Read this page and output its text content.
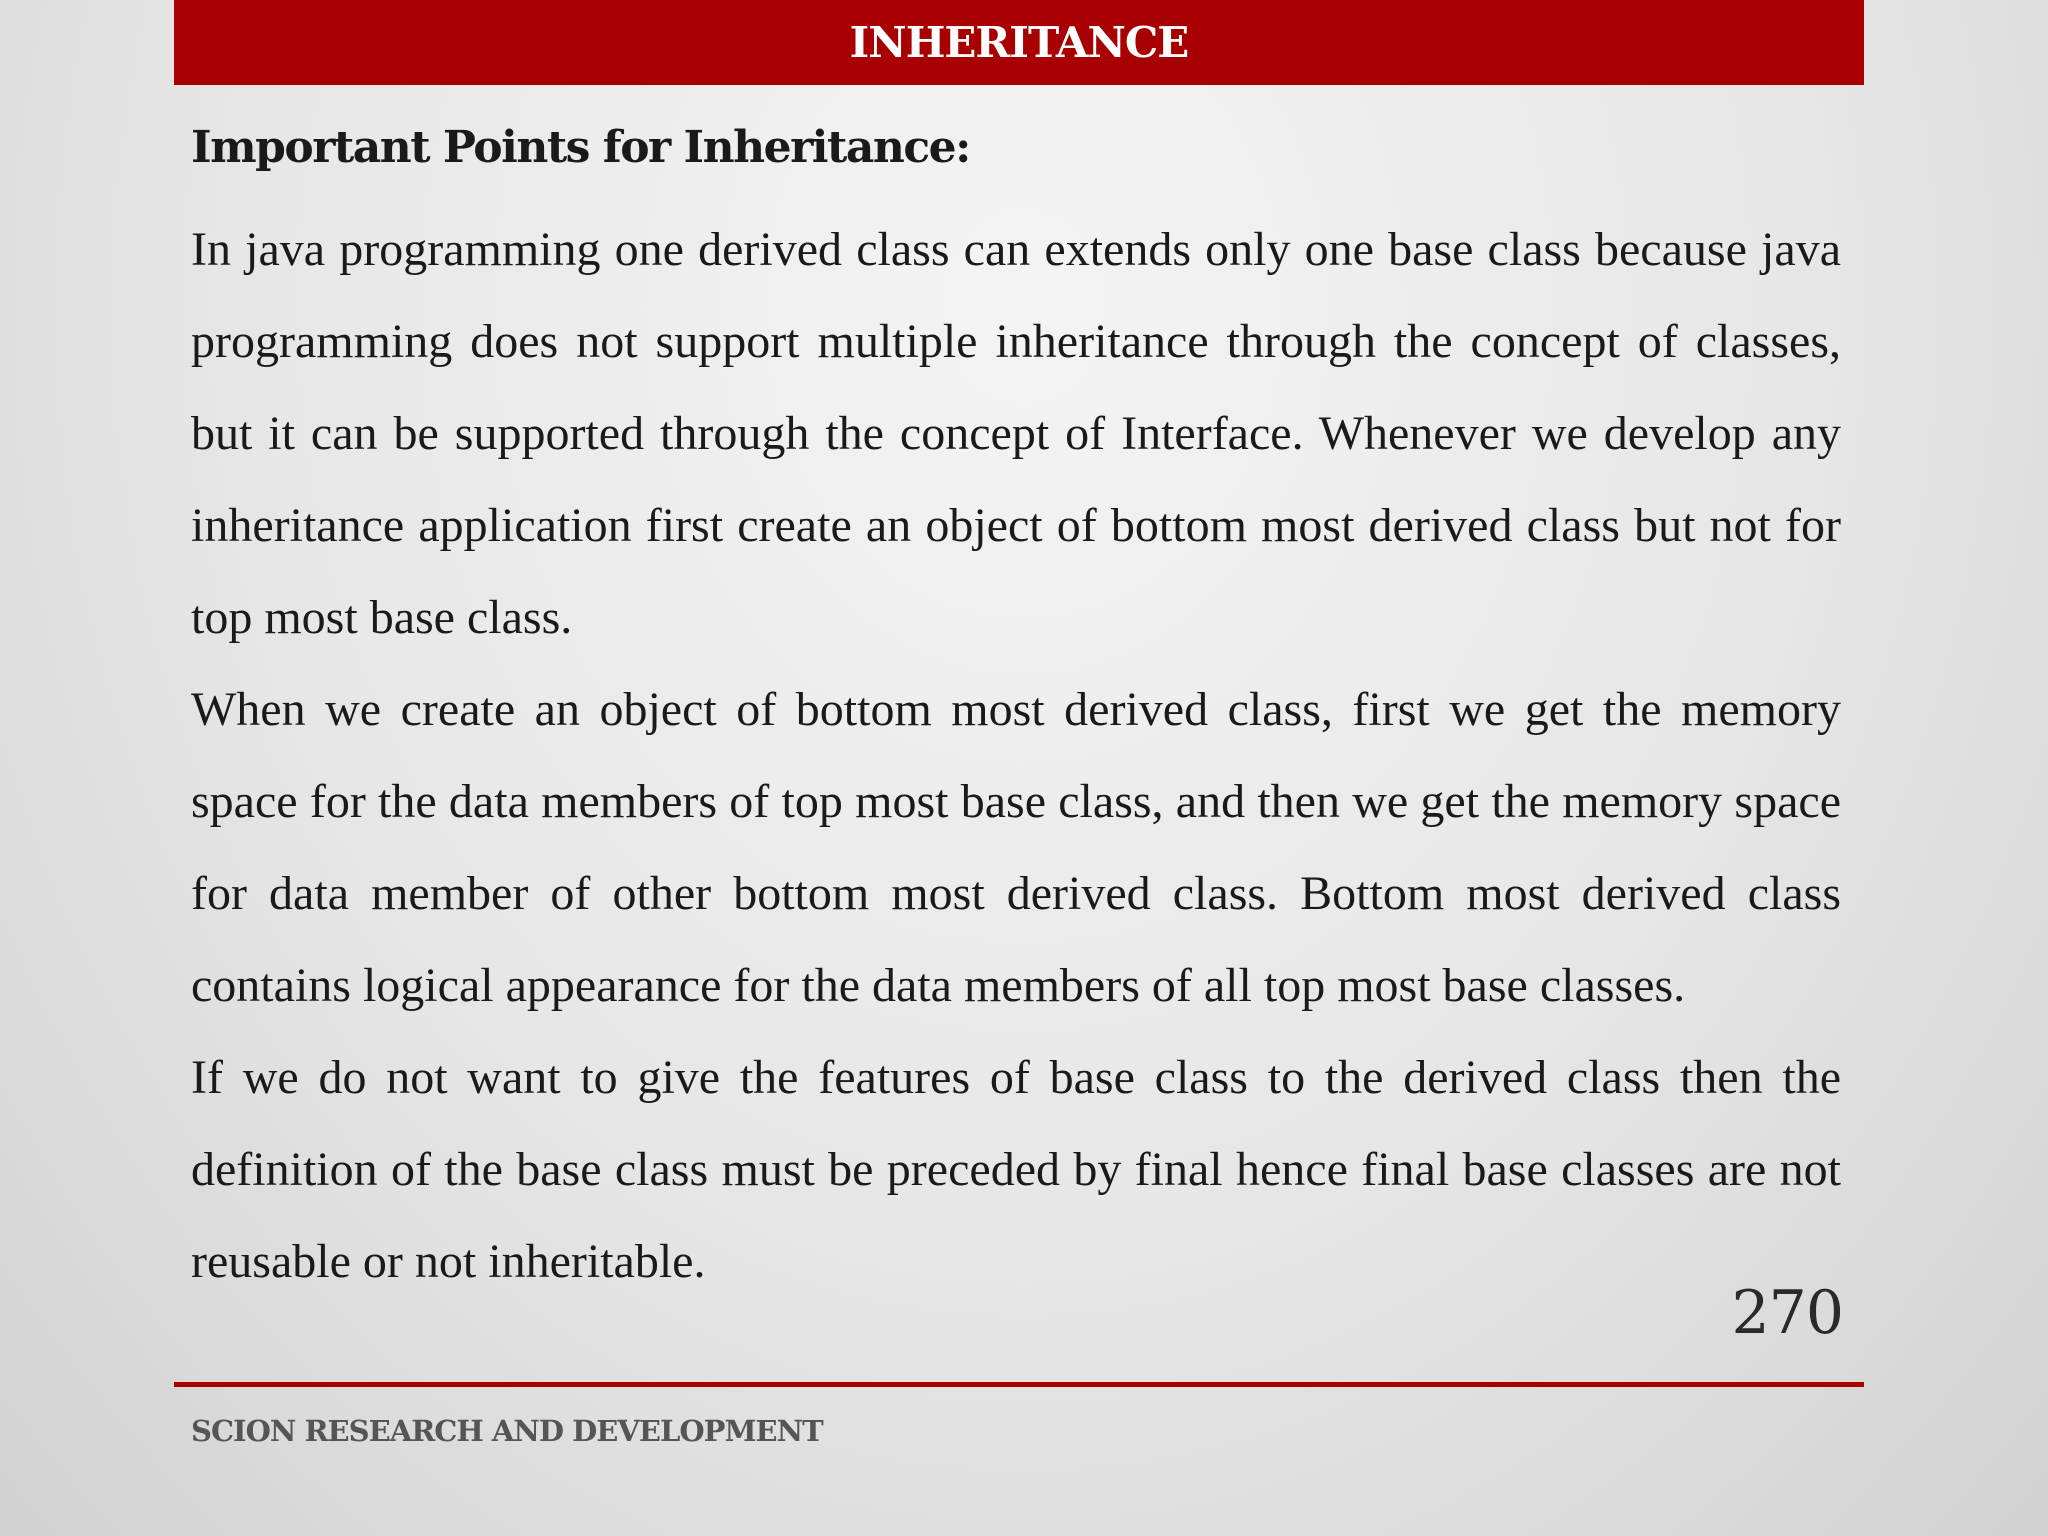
INHERITANCE
Important Points for Inheritance:

In java programming one derived class can extends only one base class because java programming does not support multiple inheritance through the concept of classes, but it can be supported through the concept of Interface. Whenever we develop any inheritance application first create an object of bottom most derived class but not for top most base class.

When we create an object of bottom most derived class, first we get the memory space for the data members of top most base class, and then we get the memory space for data member of other bottom most derived class. Bottom most derived class contains logical appearance for the data members of all top most base classes.

If we do not want to give the features of base class to the derived class then the definition of the base class must be preceded by final hence final base classes are not reusable or not inheritable.

270
SCION RESEARCH AND DEVELOPMENT
